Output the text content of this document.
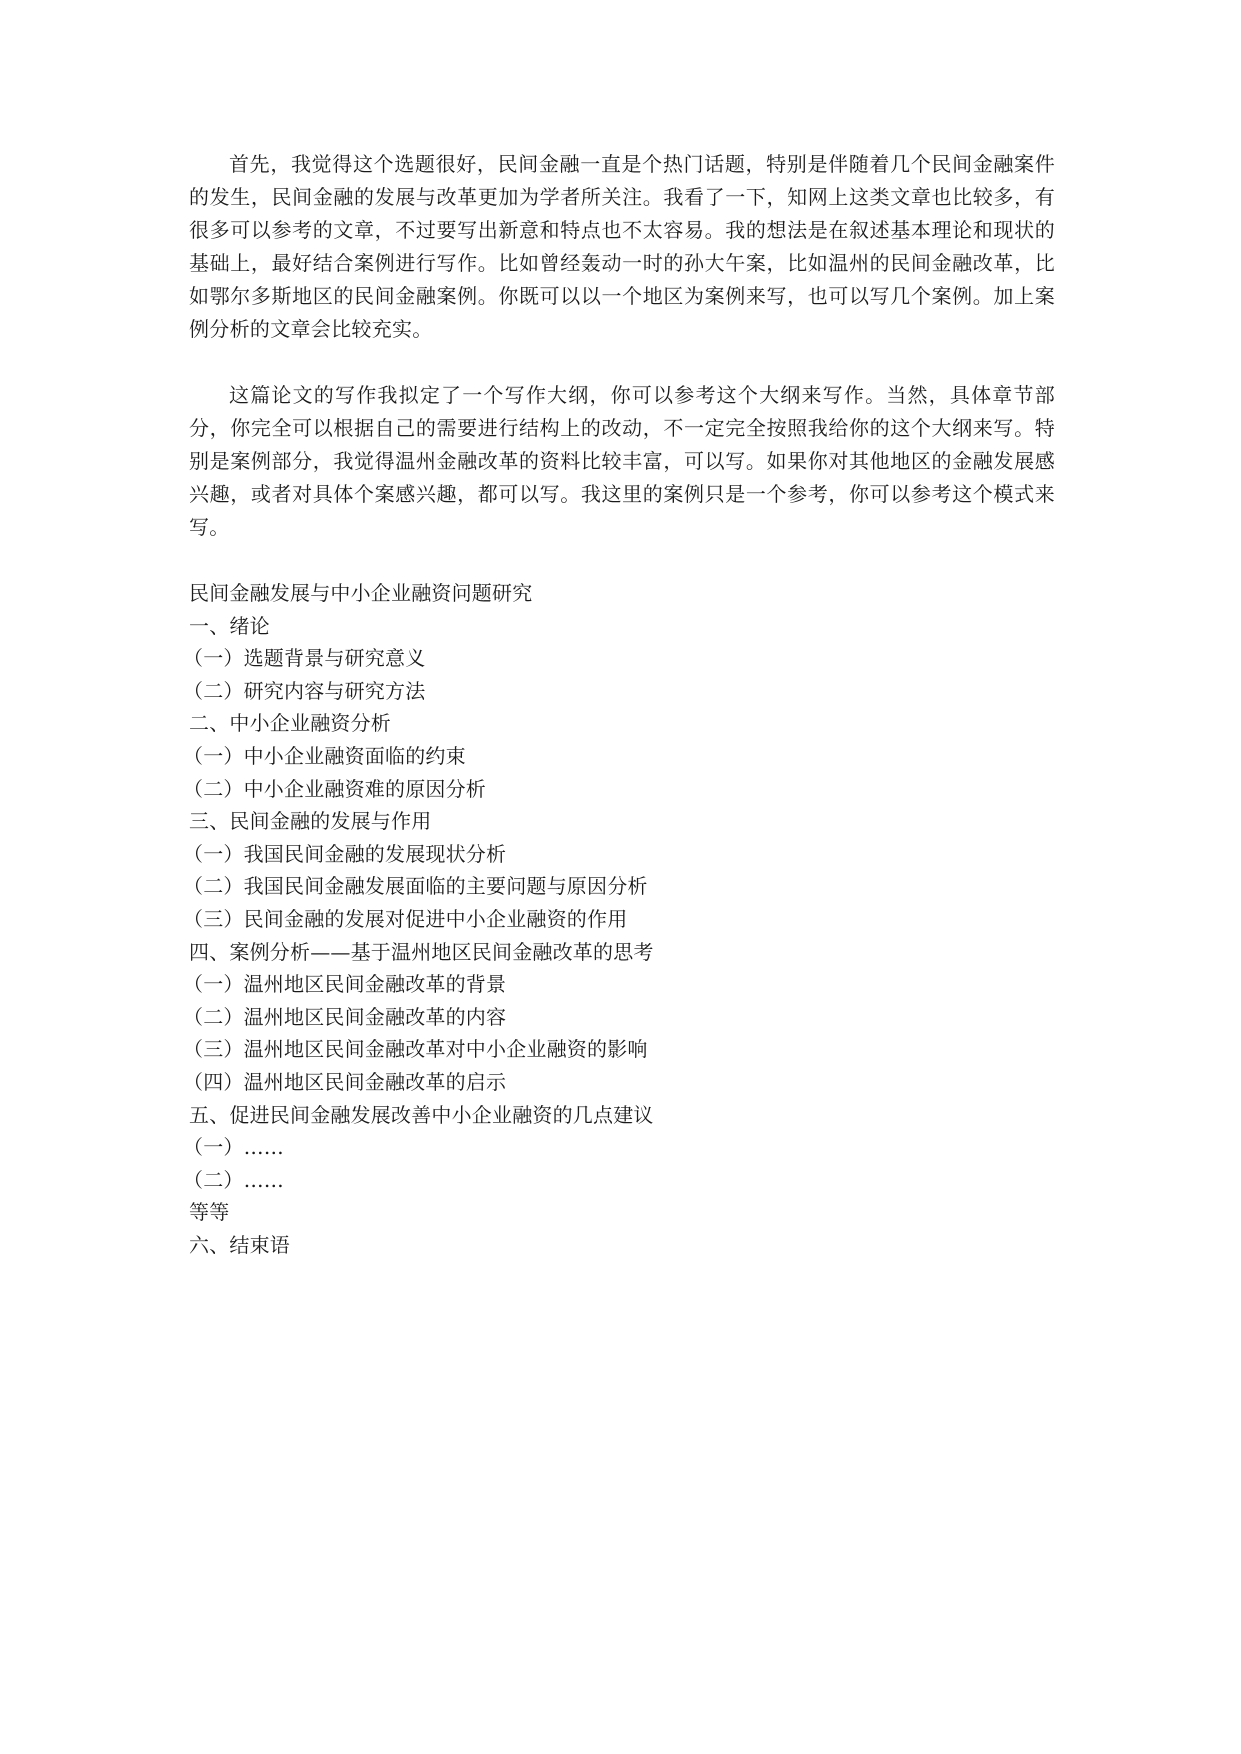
首先，我觉得这个选题很好，民间金融一直是个热门话题，特别是伴随着几个民间金融案件的发生，民间金融的发展与改革更加为学者所关注。我看了一下，知网上这类文章也比较多，有很多可以参考的文章，不过要写出新意和特点也不太容易。我的想法是在叙述基本理论和现状的基础上，最好结合案例进行写作。比如曾经轰动一时的孙大午案，比如温州的民间金融改革，比如鄂尔多斯地区的民间金融案例。你既可以以一个地区为案例来写，也可以写几个案例。加上案例分析的文章会比较充实。

这篇论文的写作我拟定了一个写作大纲，你可以参考这个大纲来写作。当然，具体章节部分，你完全可以根据自己的需要进行结构上的改动，不一定完全按照我给你的这个大纲来写。特别是案例部分，我觉得温州金融改革的资料比较丰富，可以写。如果你对其他地区的金融发展感兴趣，或者对具体个案感兴趣，都可以写。我这里的案例只是一个参考，你可以参考这个模式来写。

民间金融发展与中小企业融资问题研究
一、绪论
（一）选题背景与研究意义
（二）研究内容与研究方法
二、中小企业融资分析
（一）中小企业融资面临的约束
（二）中小企业融资难的原因分析
三、民间金融的发展与作用
（一）我国民间金融的发展现状分析
（二）我国民间金融发展面临的主要问题与原因分析
（三）民间金融的发展对促进中小企业融资的作用
四、案例分析——基于温州地区民间金融改革的思考
（一）温州地区民间金融改革的背景
（二）温州地区民间金融改革的内容
（三）温州地区民间金融改革对中小企业融资的影响
（四）温州地区民间金融改革的启示
五、促进民间金融发展改善中小企业融资的几点建议
（一）……
（二）……
等等
六、结束语
